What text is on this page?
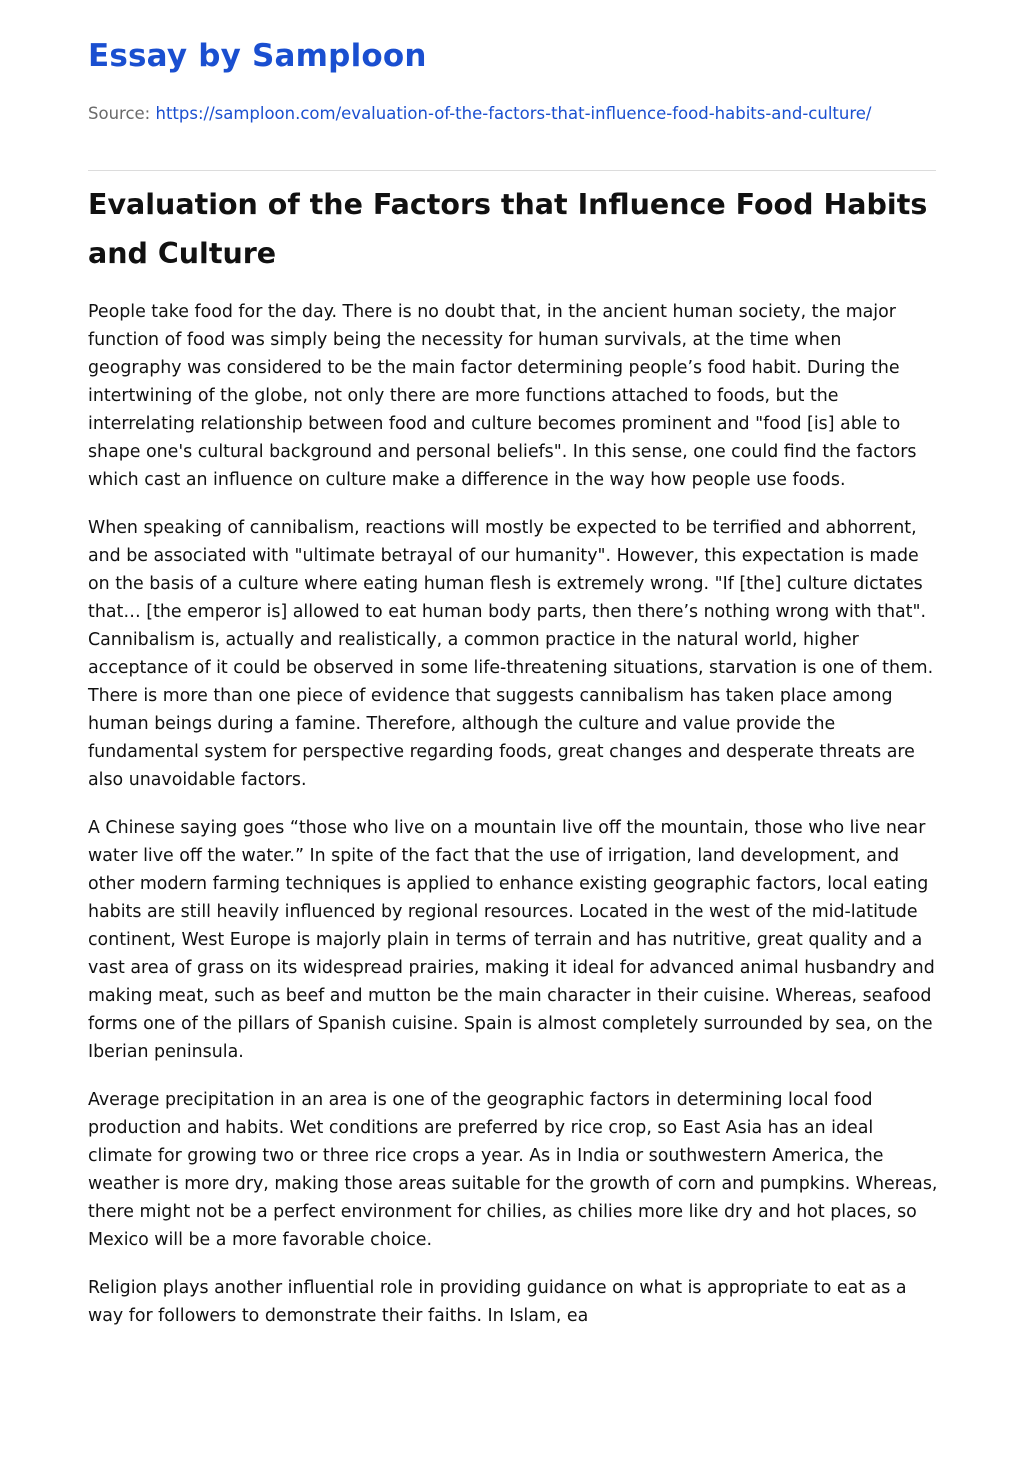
Essay by Samploon
Source: https://samploon.com/evaluation-of-the-factors-that-influence-food-habits-and-culture/
Evaluation of the Factors that Influence Food Habits and Culture

People take food for the day. There is no doubt that, in the ancient human society, the major function of food was simply being the necessity for human survivals, at the time when geography was considered to be the main factor determining people’s food habit. During the intertwining of the globe, not only there are more functions attached to foods, but the interrelating relationship between food and culture becomes prominent and "food [is] able to shape one's cultural background and personal beliefs". In this sense, one could find the factors which cast an influence on culture make a difference in the way how people use foods.

When speaking of cannibalism, reactions will mostly be expected to be terrified and abhorrent, and be associated with "ultimate betrayal of our humanity". However, this expectation is made on the basis of a culture where eating human flesh is extremely wrong. "If [the] culture dictates that… [the emperor is] allowed to eat human body parts, then there’s nothing wrong with that". Cannibalism is, actually and realistically, a common practice in the natural world, higher acceptance of it could be observed in some life-threatening situations, starvation is one of them. There is more than one piece of evidence that suggests cannibalism has taken place among human beings during a famine. Therefore, although the culture and value provide the fundamental system for perspective regarding foods, great changes and desperate threats are also unavoidable factors.

A Chinese saying goes “those who live on a mountain live off the mountain, those who live near water live off the water.” In spite of the fact that the use of irrigation, land development, and other modern farming techniques is applied to enhance existing geographic factors, local eating habits are still heavily influenced by regional resources. Located in the west of the mid-latitude continent, West Europe is majorly plain in terms of terrain and has nutritive, great quality and a vast area of grass on its widespread prairies, making it ideal for advanced animal husbandry and making meat, such as beef and mutton be the main character in their cuisine. Whereas, seafood forms one of the pillars of Spanish cuisine. Spain is almost completely surrounded by sea, on the Iberian peninsula.

Average precipitation in an area is one of the geographic factors in determining local food production and habits. Wet conditions are preferred by rice crop, so East Asia has an ideal climate for growing two or three rice crops a year. As in India or southwestern America, the weather is more dry, making those areas suitable for the growth of corn and pumpkins. Whereas, there might not be a perfect environment for chilies, as chilies more like dry and hot places, so Mexico will be a more favorable choice.

Religion plays another influential role in providing guidance on what is appropriate to eat as a way for followers to demonstrate their faiths. In Islam, ea
